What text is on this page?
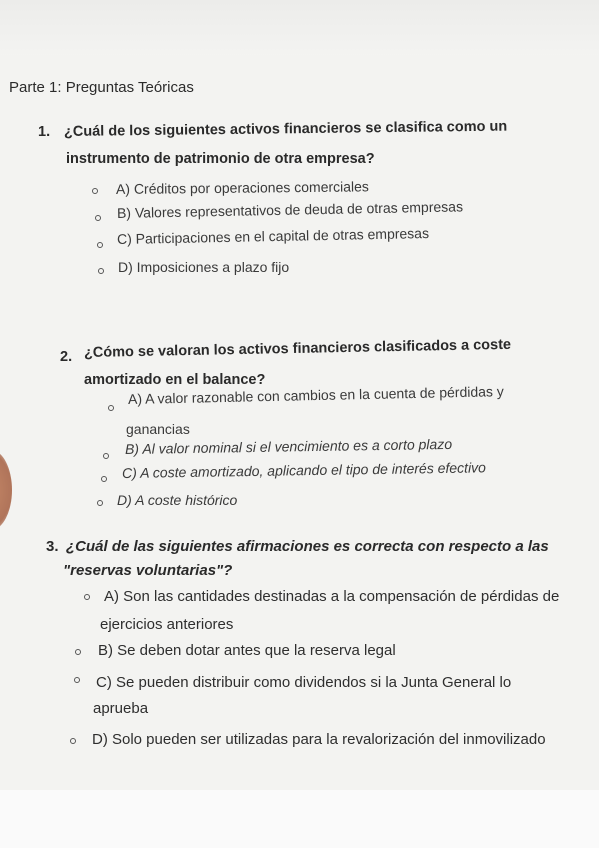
Parte 1: Preguntas Teóricas
1. ¿Cuál de los siguientes activos financieros se clasifica como un
instrumento de patrimonio de otra empresa?
A) Créditos por operaciones comerciales
B) Valores representativos de deuda de otras empresas
C) Participaciones en el capital de otras empresas
D) Imposiciones a plazo fijo
2. ¿Cómo se valoran los activos financieros clasificados a coste
amortizado en el balance?
A) A valor razonable con cambios en la cuenta de pérdidas y
ganancias
B) Al valor nominal si el vencimiento es a corto plazo
C) A coste amortizado, aplicando el tipo de interés efectivo
D) A coste histórico
3. ¿Cuál de las siguientes afirmaciones es correcta con respecto a las
"reservas voluntarias"?
A) Son las cantidades destinadas a la compensación de pérdidas de
ejercicios anteriores
B) Se deben dotar antes que la reserva legal
C) Se pueden distribuir como dividendos si la Junta General lo
aprueba
D) Solo pueden ser utilizadas para la revalorización del inmovilizado
